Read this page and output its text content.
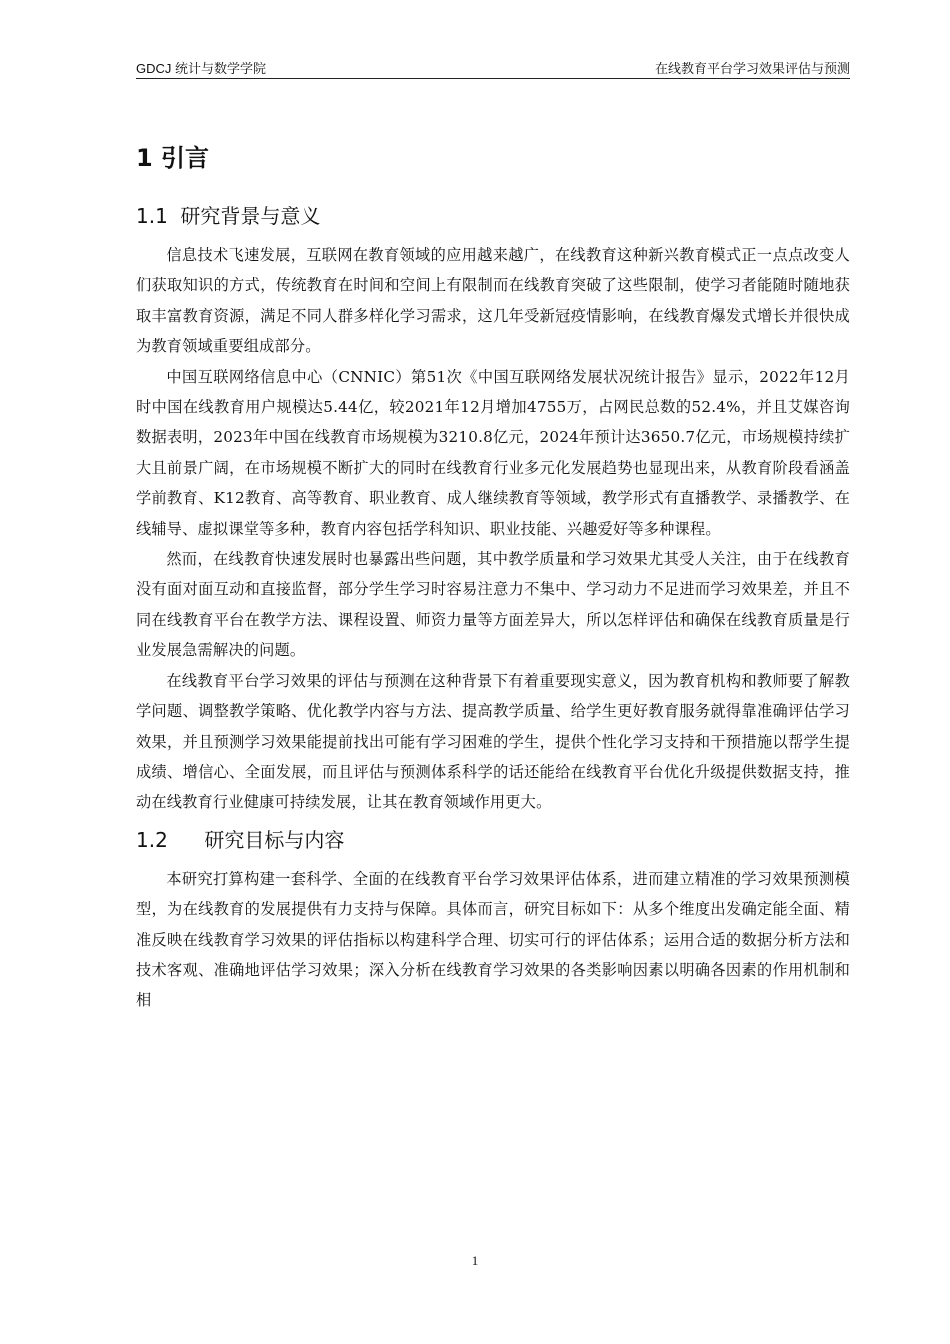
GDCJ 统计与数学学院	在线教育平台学习效果评估与预测
1 引言
1.1 研究背景与意义

信息技术飞速发展，互联网在教育领域的应用越来越广，在线教育这种新兴教育模式正一点点改变人们获取知识的方式，传统教育在时间和空间上有限制而在线教育突破了这些限制，使学习者能随时随地获取丰富教育资源，满足不同人群多样化学习需求，这几年受新冠疫情影响，在线教育爆发式增长并很快成为教育领域重要组成部分。

中国互联网络信息中心（CNNIC）第51次《中国互联网络发展状况统计报告》显示，2022年12月时中国在线教育用户规模达5.44亿，较2021年12月增加4755万，占网民总数的52.4%，并且艾媒咨询数据表明，2023年中国在线教育市场规模为3210.8亿元，2024年预计达3650.7亿元，市场规模持续扩大且前景广阔，在市场规模不断扩大的同时在线教育行业多元化发展趋势也显现出来，从教育阶段看涵盖学前教育、K12教育、高等教育、职业教育、成人继续教育等领域，教学形式有直播教学、录播教学、在线辅导、虚拟课堂等多种，教育内容包括学科知识、职业技能、兴趣爱好等多种课程。

然而，在线教育快速发展时也暴露出些问题，其中教学质量和学习效果尤其受人关注，由于在线教育没有面对面互动和直接监督，部分学生学习时容易注意力不集中、学习动力不足进而学习效果差，并且不同在线教育平台在教学方法、课程设置、师资力量等方面差异大，所以怎样评估和确保在线教育质量是行业发展急需解决的问题。

在线教育平台学习效果的评估与预测在这种背景下有着重要现实意义，因为教育机构和教师要了解教学问题、调整教学策略、优化教学内容与方法、提高教学质量、给学生更好教育服务就得靠准确评估学习效果，并且预测学习效果能提前找出可能有学习困难的学生，提供个性化学习支持和干预措施以帮学生提成绩、增信心、全面发展，而且评估与预测体系科学的话还能给在线教育平台优化升级提供数据支持，推动在线教育行业健康可持续发展，让其在教育领域作用更大。

1.2 研究目标与内容

本研究打算构建一套科学、全面的在线教育平台学习效果评估体系，进而建立精准的学习效果预测模型，为在线教育的发展提供有力支持与保障。具体而言，研究目标如下：从多个维度出发确定能全面、精准反映在线教育学习效果的评估指标以构建科学合理、切实可行的评估体系；运用合适的数据分析方法和技术客观、准确地评估学习效果；深入分析在线教育学习效果的各类影响因素以明确各因素的作用机制和相

1
